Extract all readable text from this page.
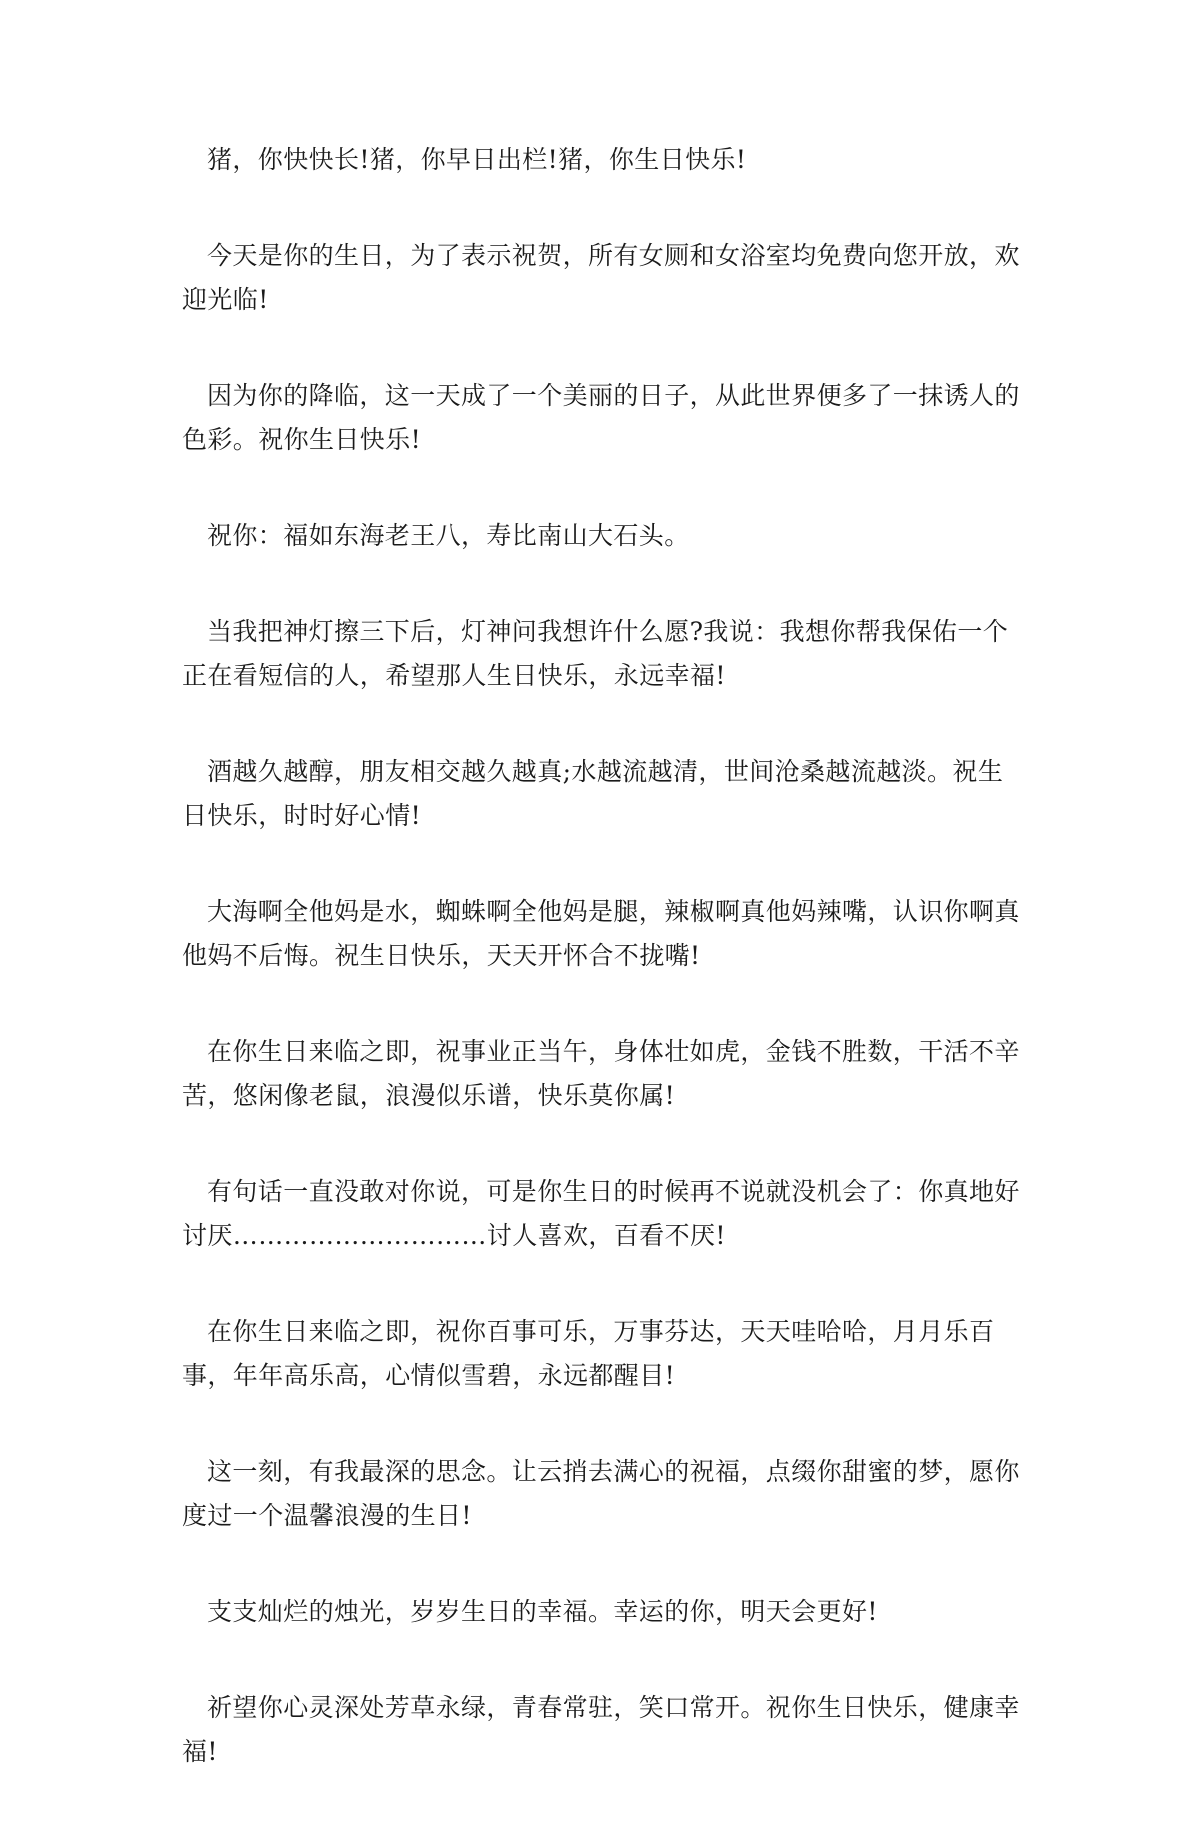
猪，你快快长!猪，你早日出栏!猪，你生日快乐!

今天是你的生日，为了表示祝贺，所有女厕和女浴室均免费向您开放，欢迎光临!

因为你的降临，这一天成了一个美丽的日子，从此世界便多了一抹诱人的色彩。祝你生日快乐!

祝你：福如东海老王八，寿比南山大石头。

当我把神灯擦三下后，灯神问我想许什么愿?我说：我想你帮我保佑一个正在看短信的人，希望那人生日快乐，永远幸福!

酒越久越醇，朋友相交越久越真;水越流越清，世间沧桑越流越淡。祝生日快乐，时时好心情!

大海啊全他妈是水，蜘蛛啊全他妈是腿，辣椒啊真他妈辣嘴，认识你啊真他妈不后悔。祝生日快乐，天天开怀合不拢嘴!

在你生日来临之即，祝事业正当午，身体壮如虎，金钱不胜数，干活不辛苦，悠闲像老鼠，浪漫似乐谱，快乐莫你属!

有句话一直没敢对你说，可是你生日的时候再不说就没机会了：你真地好讨厌…………………………讨人喜欢，百看不厌!

在你生日来临之即，祝你百事可乐，万事芬达，天天哇哈哈，月月乐百事，年年高乐高，心情似雪碧，永远都醒目!

这一刻，有我最深的思念。让云捎去满心的祝福，点缀你甜蜜的梦，愿你度过一个温馨浪漫的生日!

支支灿烂的烛光，岁岁生日的幸福。幸运的你，明天会更好!

祈望你心灵深处芳草永绿，青春常驻，笑口常开。祝你生日快乐，健康幸福!
